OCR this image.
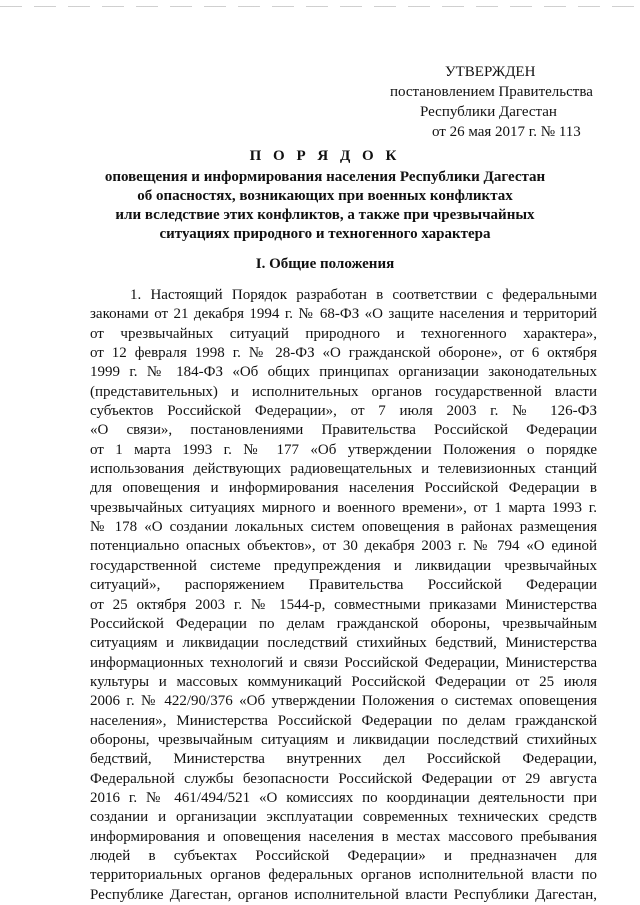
УТВЕРЖДЕН
постановлением Правительства
Республики Дагестан
от 26 мая 2017 г. № 113
П О Р Я Д О К
оповещения и информирования населения Республики Дагестан
об опасностях, возникающих при военных конфликтах
или вследствие этих конфликтов, а также при чрезвычайных
ситуациях природного и техногенного характера
I. Общие положения
1. Настоящий Порядок разработан в соответствии с федеральными
законами от 21 декабря 1994 г. № 68-ФЗ «О защите населения и территорий
от чрезвычайных ситуаций природного и техногенного характера»,
от 12 февраля 1998 г. № 28-ФЗ «О гражданской обороне», от 6 октября
1999 г. № 184-ФЗ «Об общих принципах организации законодательных
(представительных) и исполнительных органов государственной власти
субъектов Российской Федерации», от 7 июля 2003 г. № 126-ФЗ
«О связи», постановлениями Правительства Российской Федерации
от 1 марта 1993 г. № 177 «Об утверждении Положения о порядке
использования действующих радиовещательных и телевизионных станций
для оповещения и информирования населения Российской Федерации в
чрезвычайных ситуациях мирного и военного времени», от 1 марта 1993 г.
№ 178 «О создании локальных систем оповещения в районах размещения
потенциально опасных объектов», от 30 декабря 2003 г. № 794 «О единой
государственной системе предупреждения и ликвидации чрезвычайных
ситуаций», распоряжением Правительства Российской Федерации
от 25 октября 2003 г. № 1544-р, совместными приказами Министерства
Российской Федерации по делам гражданской обороны, чрезвычайным
ситуациям и ликвидации последствий стихийных бедствий, Министерства
информационных технологий и связи Российской Федерации, Министерства
культуры и массовых коммуникаций Российской Федерации от 25 июля
2006 г. № 422/90/376 «Об утверждении Положения о системах оповещения
населения», Министерства Российской Федерации по делам гражданской
обороны, чрезвычайным ситуациям и ликвидации последствий стихийных
бедствий, Министерства внутренних дел Российской Федерации,
Федеральной службы безопасности Российской Федерации от 29 августа
2016 г. № 461/494/521 «О комиссиях по координации деятельности при
создании и организации эксплуатации современных технических средств
информирования и оповещения населения в местах массового пребывания
людей в субъектах Российской Федерации» и предназначен для
территориальных органов федеральных органов исполнительной власти по
Республике Дагестан, органов исполнительной власти Республики Дагестан,
